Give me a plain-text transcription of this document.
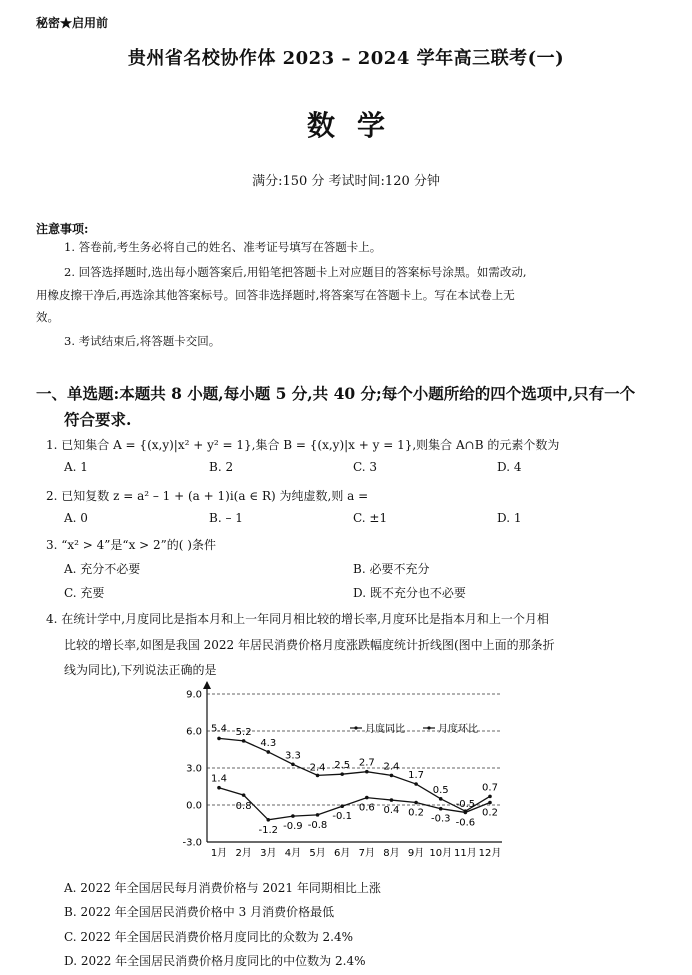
秘密★启用前
贵州省名校协作体 2023 – 2024 学年高三联考(一)
数学
满分:150 分 考试时间:120 分钟
注意事项:
1. 答卷前,考生务必将自己的姓名、准考证号填写在答题卡上。
2. 回答选择题时,选出每小题答案后,用铅笔把答题卡上对应题目的答案标号涂黑。如需改动,
用橡皮擦干净后,再选涂其他答案标号。回答非选择题时,将答案写在答题卡上。写在本试卷上无
效。
3. 考试结束后,将答题卡交回。
一、单选题:本题共 8 小题,每小题 5 分,共 40 分;每个小题所给的四个选项中,只有一个
符合要求.
1. 已知集合 A = {(x,y)|x² + y² = 1},集合 B = {(x,y)|x + y = 1},则集合 A∩B 的元素个数为
A. 1	B. 2	C. 3	D. 4
2. 已知复数 z = a² – 1 + (a + 1)i(a ∈ R) 为纯虚数,则 a =
A. 0	B. – 1	C. ±1	D. 1
3. “x² > 4”是“x > 2”的( )条件
A. 充分不必要	B. 必要不充分
C. 充要	D. 既不充分也不必要
4. 在统计学中,月度同比是指本月和上一年同月相比较的增长率,月度环比是指本月和上一个月相
比较的增长率,如图是我国 2022 年居民消费价格月度涨跌幅度统计折线图(图中上面的那条折
线为同比),下列说法正确的是
9.0
6.0
3.0
0.0
-3.0
1月 2月 3月 4月 5月 6月 7月 8月 9月 10月 11月 12月
5.4 5.2
4.3
3.3
2.4 2.5 2.7 2.4
1.7
0.5
-0.5
0.7
1.4
0.8
-1.2 -0.9 -0.8
-0.1
0.6 0.4 0.2
-0.3 -0.6
0.2
月度同比	月度环比
A. 2022 年全国居民每月消费价格与 2021 年同期相比上涨
B. 2022 年全国居民消费价格中 3 月消费价格最低
C. 2022 年全国居民消费价格月度同比的众数为 2.4%
D. 2022 年全国居民消费价格月度同比的中位数为 2.4%
